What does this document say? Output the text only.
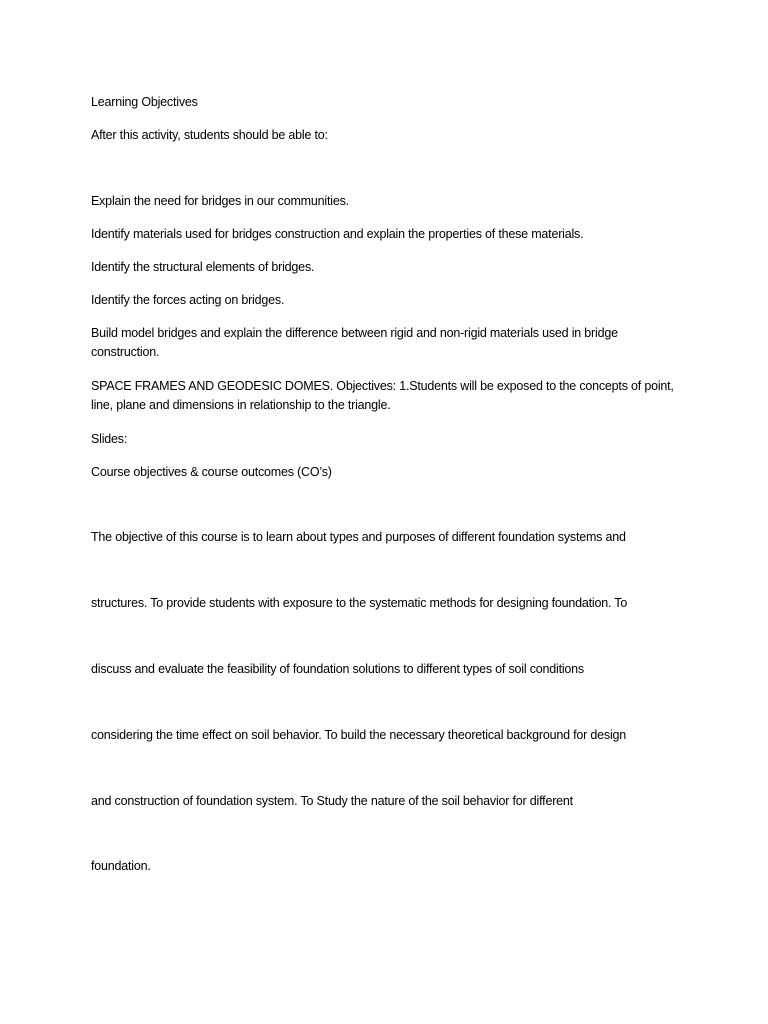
Learning Objectives

After this activity, students should be able to:

Explain the need for bridges in our communities.

Identify materials used for bridges construction and explain the properties of these materials.

Identify the structural elements of bridges.

Identify the forces acting on bridges.

Build model bridges and explain the difference between rigid and non-rigid materials used in bridge construction.

SPACE FRAMES AND GEODESIC DOMES. Objectives: 1.Students will be exposed to the concepts of point, line, plane and dimensions in relationship to the triangle.

Slides:

Course objectives & course outcomes (CO’s)

The objective of this course is to learn about types and purposes of different foundation systems and

structures. To provide students with exposure to the systematic methods for designing foundation. To

discuss and evaluate the feasibility of foundation solutions to different types of soil conditions

considering the time effect on soil behavior. To build the necessary theoretical background for design

and construction of foundation system. To Study the nature of the soil behavior for different

foundation.
